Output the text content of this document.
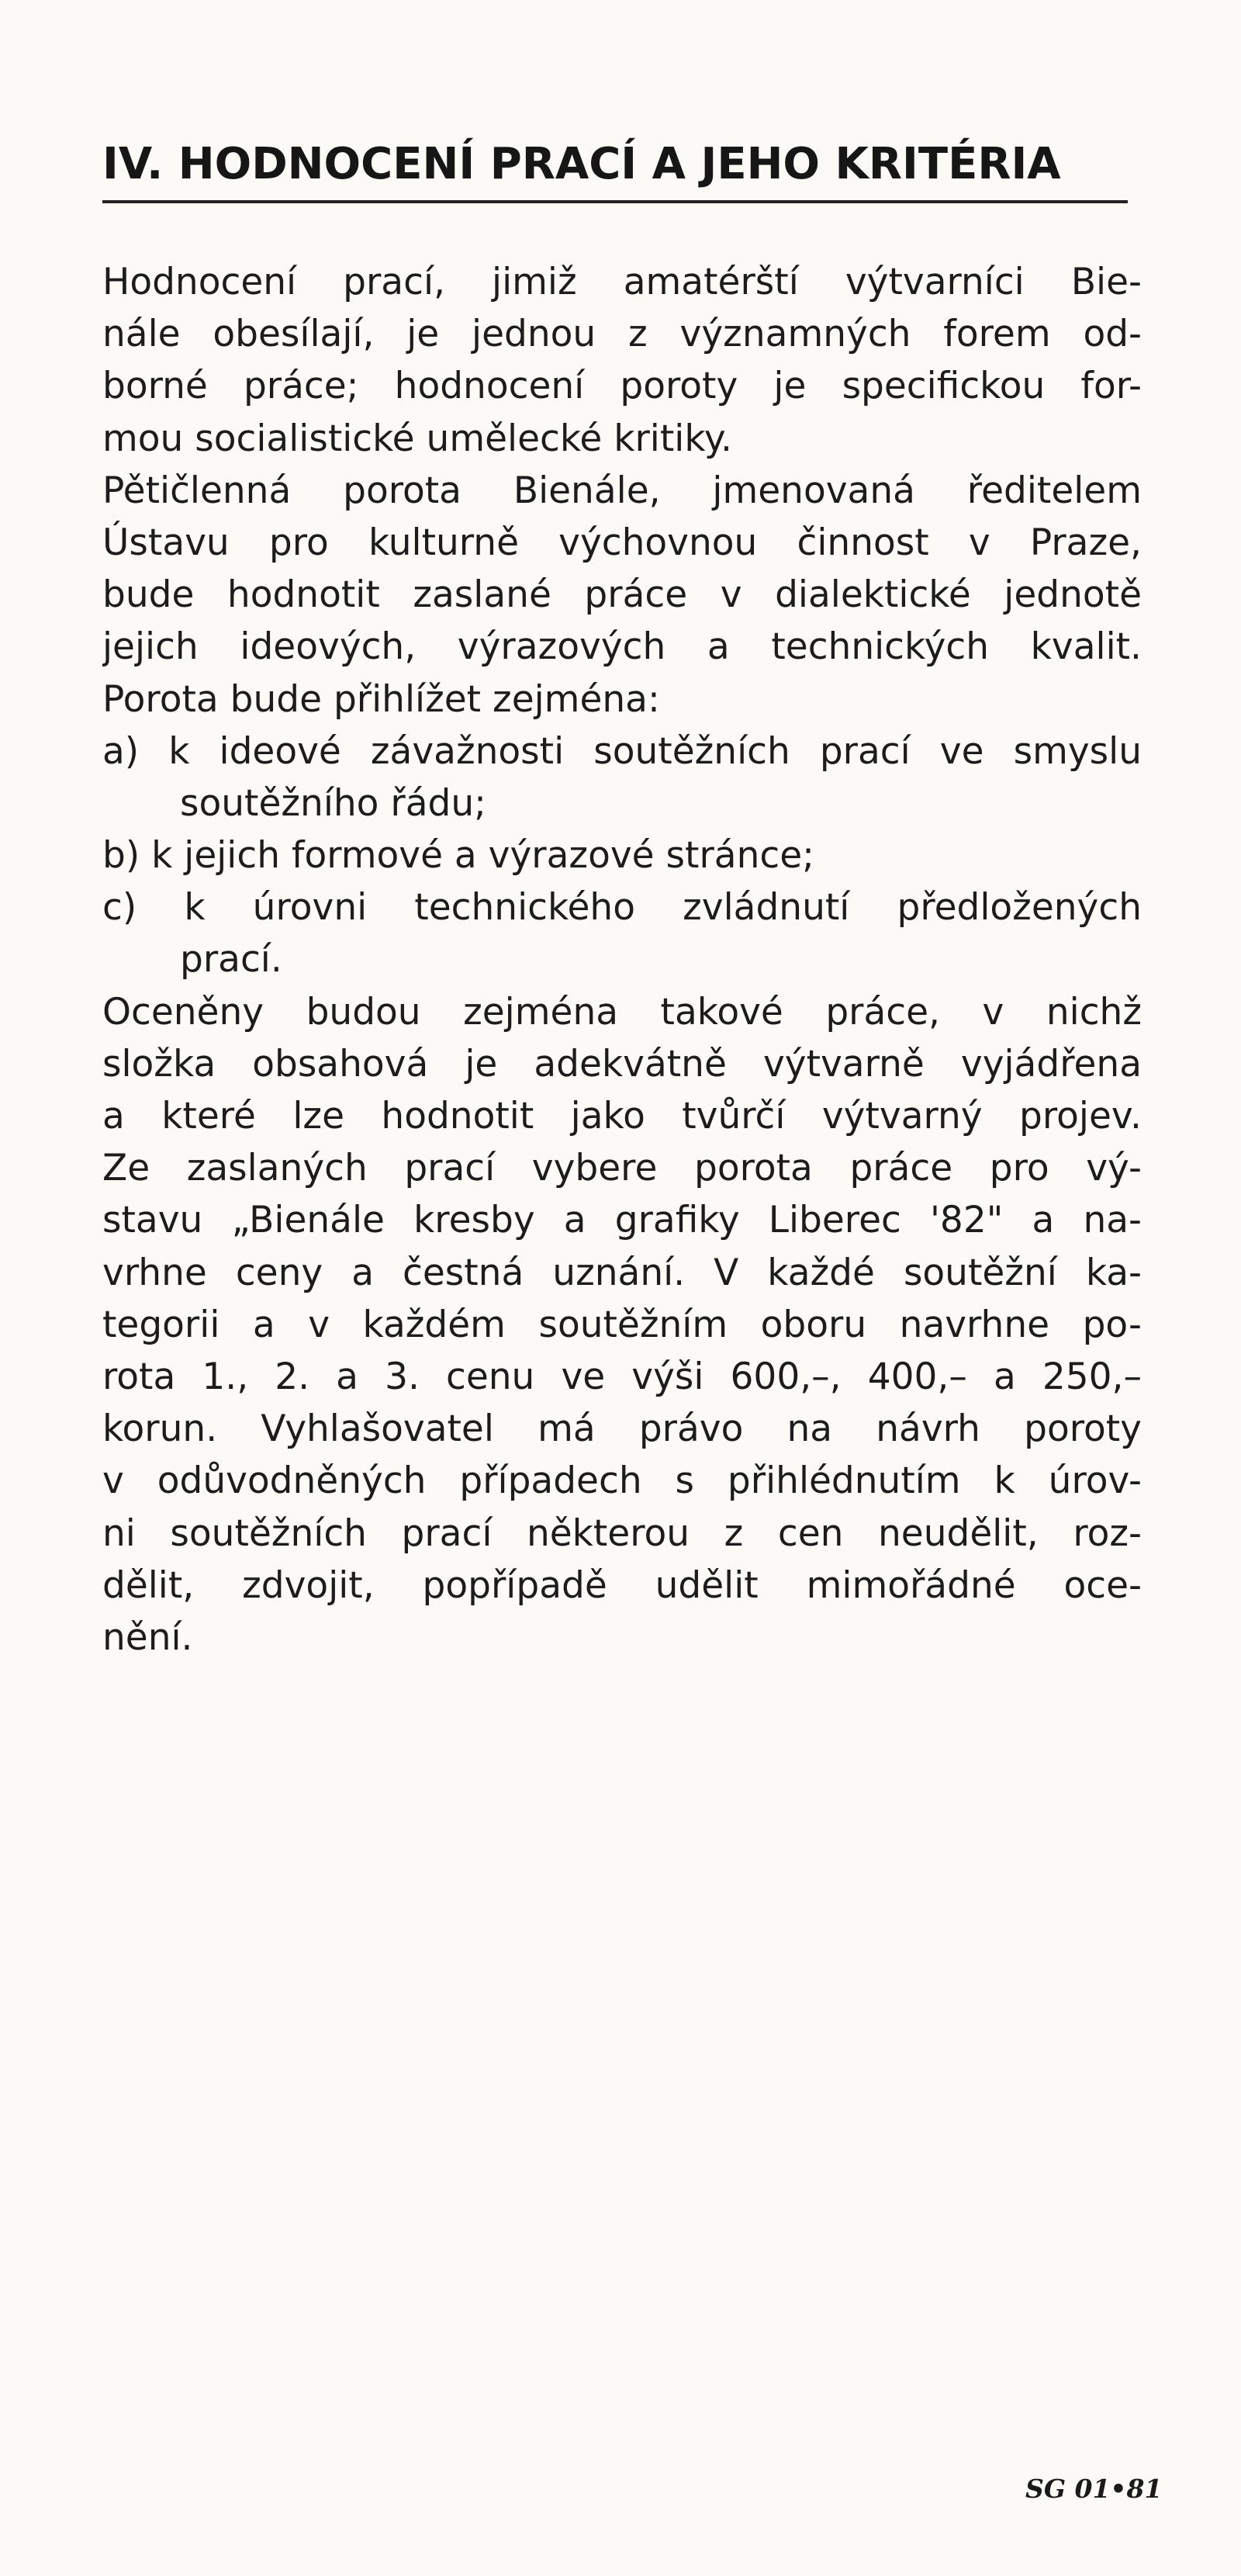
IV. HODNOCENÍ PRACÍ A JEHO KRITÉRIA
Hodnocení prací, jimiž amatérští výtvarníci Bie-
nále obesílají, je jednou z významných forem od-
borné práce; hodnocení poroty je specifickou for-
mou socialistické umělecké kritiky.
Pětičlenná porota Bienále, jmenovaná ředitelem
Ústavu pro kulturně výchovnou činnost v Praze,
bude hodnotit zaslané práce v dialektické jednotě
jejich ideových, výrazových a technických kvalit.
Porota bude přihlížet zejména:
a) k ideové závažnosti soutěžních prací ve smyslu
soutěžního řádu;
b) k jejich formové a výrazové stránce;
c) k úrovni technického zvládnutí předložených
prací.
Oceněny budou zejména takové práce, v nichž
složka obsahová je adekvátně výtvarně vyjádřena
a které lze hodnotit jako tvůrčí výtvarný projev.
Ze zaslaných prací vybere porota práce pro vý-
stavu „Bienále kresby a grafiky Liberec '82" a na-
vrhne ceny a čestná uznání. V každé soutěžní ka-
tegorii a v každém soutěžním oboru navrhne po-
rota 1., 2. a 3. cenu ve výši 600,–, 400,– a 250,–
korun. Vyhlašovatel má právo na návrh poroty
v odůvodněných případech s přihlédnutím k úrov-
ni soutěžních prací některou z cen neudělit, roz-
dělit, zdvojit, popřípadě udělit mimořádné oce-
nění.
SG 01•81
